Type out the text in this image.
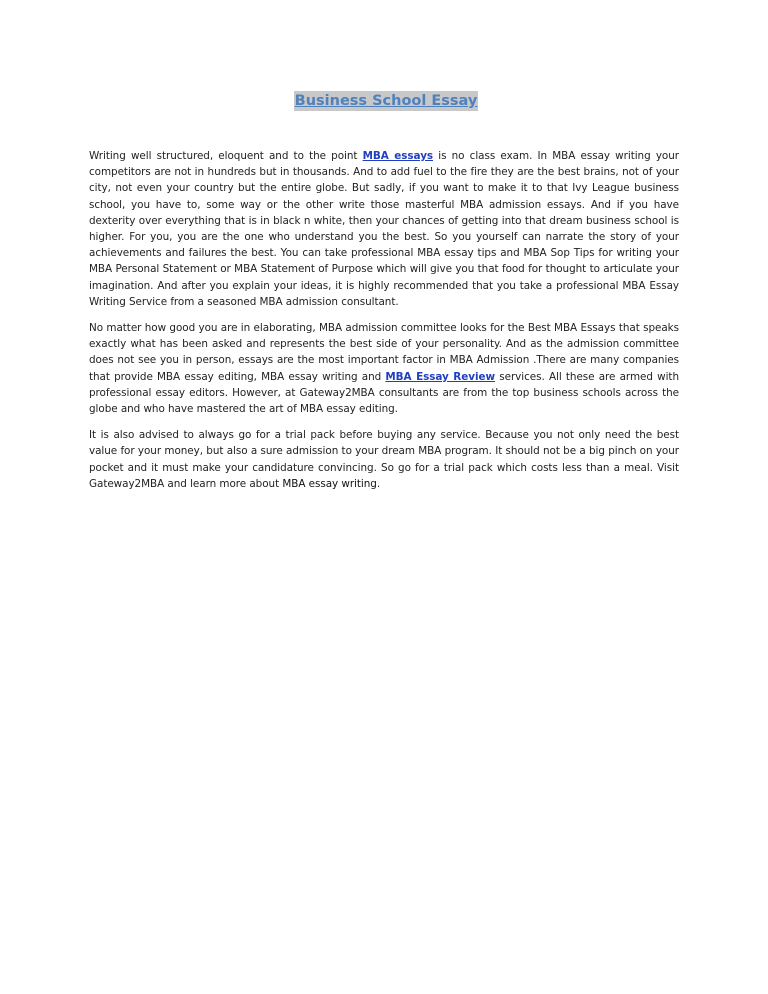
Business School Essay

Writing well structured, eloquent and to the point MBA essays is no class exam. In MBA essay writing your competitors are not in hundreds but in thousands. And to add fuel to the fire they are the best brains, not of your city, not even your country but the entire globe. But sadly, if you want to make it to that Ivy League business school, you have to, some way or the other write those masterful MBA admission essays. And if you have dexterity over everything that is in black n white, then your chances of getting into that dream business school is higher. For you, you are the one who understand you the best. So you yourself can narrate the story of your achievements and failures the best. You can take professional MBA essay tips and MBA Sop Tips for writing your MBA Personal Statement or MBA Statement of Purpose which will give you that food for thought to articulate your imagination. And after you explain your ideas, it is highly recommended that you take a professional MBA Essay Writing Service from a seasoned MBA admission consultant.

No matter how good you are in elaborating, MBA admission committee looks for the Best MBA Essays that speaks exactly what has been asked and represents the best side of your personality. And as the admission committee does not see you in person, essays are the most important factor in MBA Admission .There are many companies that provide MBA essay editing, MBA essay writing and MBA Essay Review services. All these are armed with professional essay editors. However, at Gateway2MBA consultants are from the top business schools across the globe and who have mastered the art of MBA essay editing.

It is also advised to always go for a trial pack before buying any service. Because you not only need the best value for your money, but also a sure admission to your dream MBA program. It should not be a big pinch on your pocket and it must make your candidature convincing. So go for a trial pack which costs less than a meal. Visit Gateway2MBA and learn more about MBA essay writing.
